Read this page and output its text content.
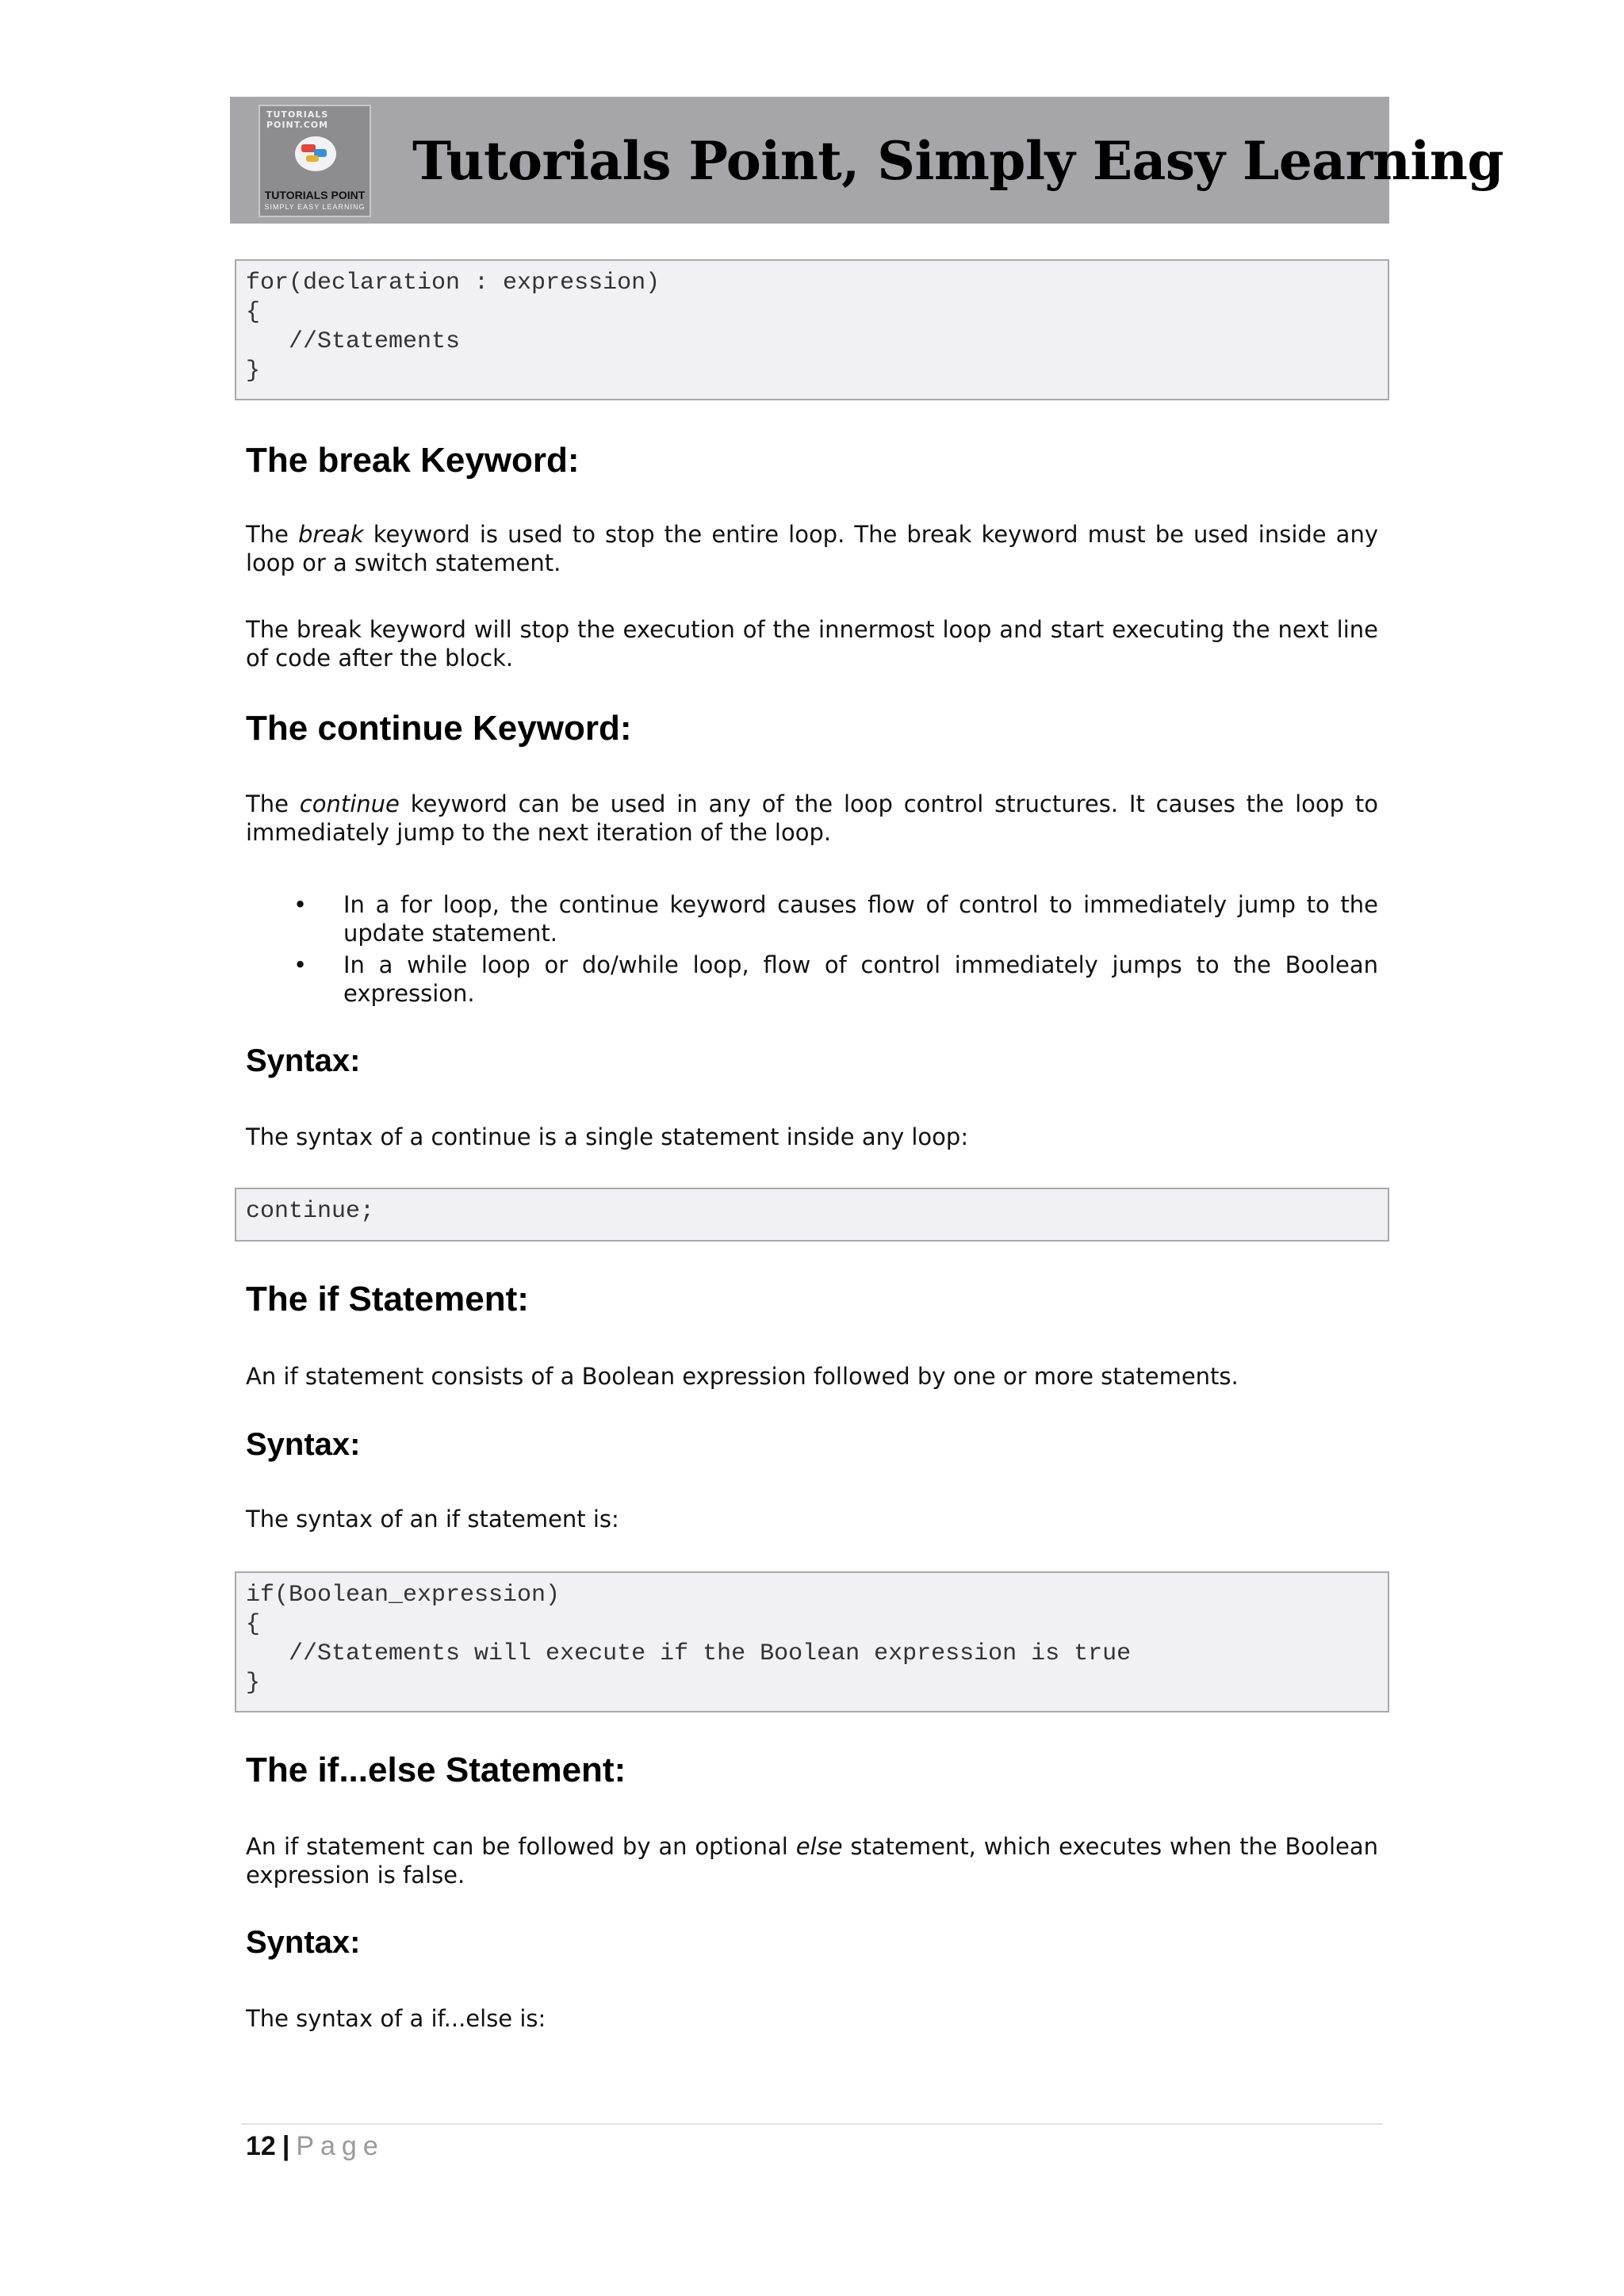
TUTORIALS POINT.COM
TUTORIALS POINT
SIMPLY EASY LEARNING
Tutorials Point, Simply Easy Learning
for(declaration : expression)
{
//Statements
}
The break Keyword:

The break keyword is used to stop the entire loop. The break keyword must be used inside any loop or a switch statement.

The break keyword will stop the execution of the innermost loop and start executing the next line of code after the block.

The continue Keyword:

The continue keyword can be used in any of the loop control structures. It causes the loop to immediately jump to the next iteration of the loop.

•	In a for loop, the continue keyword causes flow of control to immediately jump to the update statement.

•	In a while loop or do/while loop, flow of control immediately jumps to the Boolean expression.

Syntax:

The syntax of a continue is a single statement inside any loop:

continue;
The if Statement:

An if statement consists of a Boolean expression followed by one or more statements.

Syntax:

The syntax of an if statement is:

if(Boolean_expression)
{
//Statements will execute if the Boolean expression is true
}
The if...else Statement:

An if statement can be followed by an optional else statement, which executes when the Boolean expression is false.

Syntax:

The syntax of a if...else is:

12 | Page
